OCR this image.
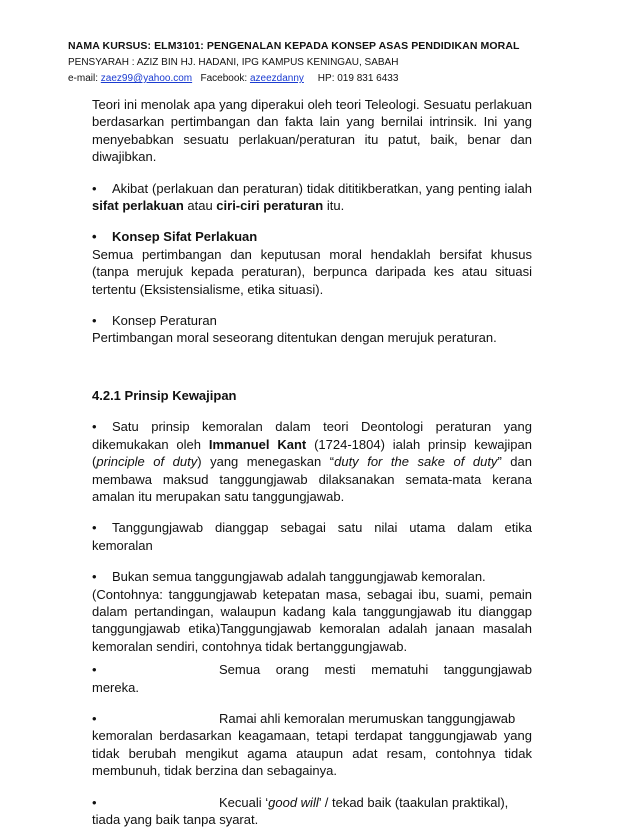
NAMA KURSUS: ELM3101: PENGENALAN KEPADA KONSEP ASAS PENDIDIKAN MORAL
PENSYARAH : AZIZ BIN HJ. HADANI, IPG KAMPUS KENINGAU, SABAH
e-mail: zaez99@yahoo.com Facebook: azeezdanny HP: 019 831 6433

Teori ini menolak apa yang diperakui oleh teori Teleologi. Sesuatu perlakuan berdasarkan pertimbangan dan fakta lain yang bernilai intrinsik. Ini yang menyebabkan sesuatu perlakuan/peraturan itu patut, baik, benar dan diwajibkan.

• Akibat (perlakuan dan peraturan) tidak dititikberatkan, yang penting ialah sifat perlakuan atau ciri-ciri peraturan itu.

• Konsep Sifat Perlakuan

Semua pertimbangan dan keputusan moral hendaklah bersifat khusus (tanpa merujuk kepada peraturan), berpunca daripada kes atau situasi tertentu (Eksistensialisme, etika situasi).

• Konsep Peraturan

Pertimbangan moral seseorang ditentukan dengan merujuk peraturan.

4.2.1 Prinsip Kewajipan

• Satu prinsip kemoralan dalam teori Deontologi peraturan yang dikemukakan oleh Immanuel Kant (1724-1804) ialah prinsip kewajipan (principle of duty) yang menegaskan “duty for the sake of duty” dan membawa maksud tanggungjawab dilaksanakan semata-mata kerana amalan itu merupakan satu tanggungjawab.

• Tanggungjawab dianggap sebagai satu nilai utama dalam etika kemoralan

• Bukan semua tanggungjawab adalah tanggungjawab kemoralan.

(Contohnya: tanggungjawab ketepatan masa, sebagai ibu, suami, pemain dalam pertandingan, walaupun kadang kala tanggungjawab itu dianggap tanggungjawab etika)Tanggungjawab kemoralan adalah janaan masalah kemoralan sendiri, contohnya tidak bertanggungjawab.

•	Semua orang mesti mematuhi tanggungjawab mereka.

•	Ramai ahli kemoralan merumuskan tanggungjawab

kemoralan berdasarkan keagamaan, tetapi terdapat tanggungjawab yang tidak berubah mengikut agama ataupun adat resam, contohnya tidak membunuh, tidak berzina dan sebagainya.

•	Kecuali ‘good will’ / tekad baik (taakulan praktikal),

tiada yang baik tanpa syarat.
